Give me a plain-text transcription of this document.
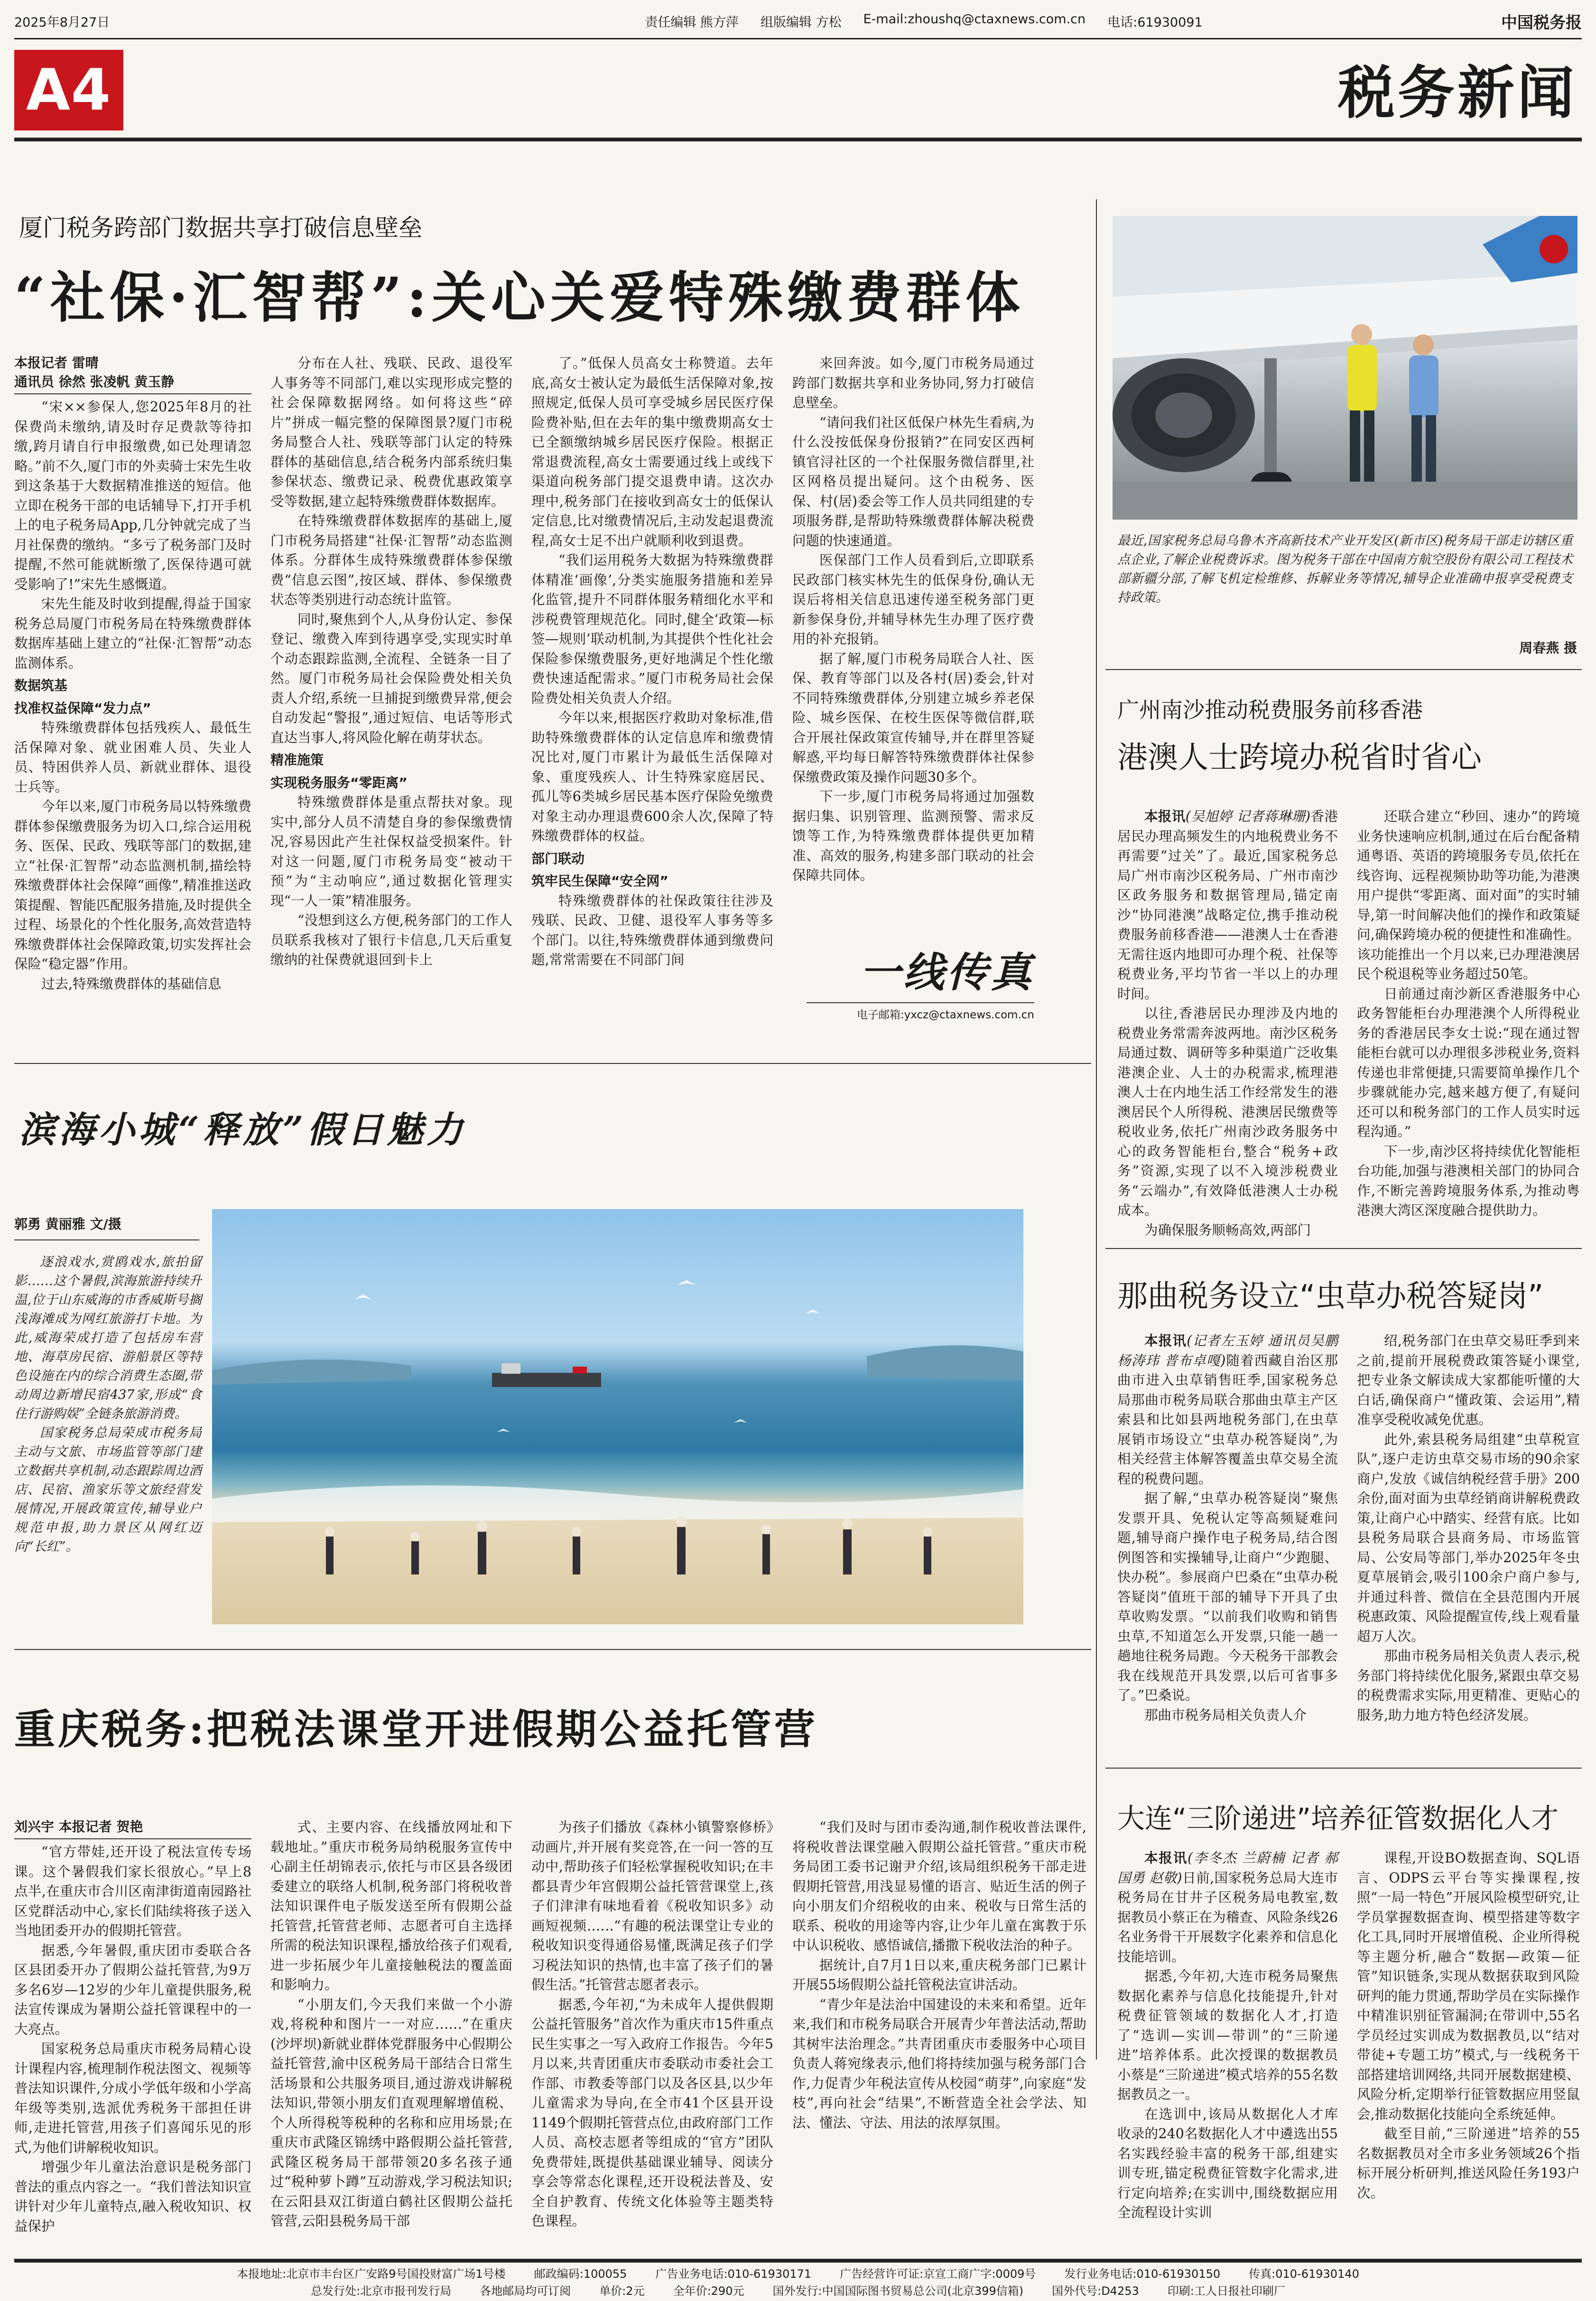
2025年8月27日	责任编辑 熊方萍 组版编辑 方松 E-mail:zhoushq@ctaxnews.com.cn 电话:61930091	中国税务报
A4	税务新闻
厦门税务跨部门数据共享打破信息壁垒
“社保·汇智帮”:关心关爱特殊缴费群体
本报记者 雷晴
通讯员 徐然 张凌帆 黄玉静

“宋××参保人,您2025年8月的社保费尚未缴纳,请及时存足费款等待扣缴,跨月请自行申报缴费,如已处理请忽略。”前不久,厦门市的外卖骑士宋先生收到这条基于大数据精准推送的短信。他立即在税务干部的电话辅导下,打开手机上的电子税务局App,几分钟就完成了当月社保费的缴纳。“多亏了税务部门及时提醒,不然可能就断缴了,医保待遇可就受影响了!”宋先生感慨道。

宋先生能及时收到提醒,得益于国家税务总局厦门市税务局在特殊缴费群体数据库基础上建立的“社保·汇智帮”动态监测体系。

数据筑基

找准权益保障“发力点”

特殊缴费群体包括残疾人、最低生活保障对象、就业困难人员、失业人员、特困供养人员、新就业群体、退役士兵等。

今年以来,厦门市税务局以特殊缴费群体参保缴费服务为切入口,综合运用税务、医保、民政、残联等部门的数据,建立“社保·汇智帮”动态监测机制,描绘特殊缴费群体社会保障“画像”,精准推送政策提醒、智能匹配服务措施,及时提供全过程、场景化的个性化服务,高效营造特殊缴费群体社会保障政策,切实发挥社会保险“稳定器”作用。

过去,特殊缴费群体的基础信息

分布在人社、残联、民政、退役军人事务等不同部门,难以实现形成完整的社会保障数据网络。如何将这些“碎片”拼成一幅完整的保障图景?厦门市税务局整合人社、残联等部门认定的特殊群体的基础信息,结合税务内部系统归集参保状态、缴费记录、税费优惠政策享受等数据,建立起特殊缴费群体数据库。

在特殊缴费群体数据库的基础上,厦门市税务局搭建“社保·汇智帮”动态监测体系。分群体生成特殊缴费群体参保缴费“信息云图”,按区域、群体、参保缴费状态等类别进行动态统计监管。

同时,聚焦到个人,从身份认定、参保登记、缴费入库到待遇享受,实现实时单个动态跟踪监测,全流程、全链条一目了然。厦门市税务局社会保险费处相关负责人介绍,系统一旦捕捉到缴费异常,便会自动发起“警报”,通过短信、电话等形式直达当事人,将风险化解在萌芽状态。

精准施策

实现税务服务“零距离”

特殊缴费群体是重点帮扶对象。现实中,部分人员不清楚自身的参保缴费情况,容易因此产生社保权益受损案件。针对这一问题,厦门市税务局变“被动干预”为“主动响应”,通过数据化管理实现“一人一策”精准服务。

“没想到这么方便,税务部门的工作人员联系我核对了银行卡信息,几天后重复缴纳的社保费就退回到卡上

了。”低保人员高女士称赞道。去年底,高女士被认定为最低生活保障对象,按照规定,低保人员可享受城乡居民医疗保险费补贴,但在去年的集中缴费期高女士已全额缴纳城乡居民医疗保险。根据正常退费流程,高女士需要通过线上或线下渠道向税务部门提交退费申请。这次办理中,税务部门在接收到高女士的低保认定信息,比对缴费情况后,主动发起退费流程,高女士足不出户就顺利收到退费。

“我们运用税务大数据为特殊缴费群体精准‘画像’,分类实施服务措施和差异化监管,提升不同群体服务精细化水平和涉税费管理规范化。同时,健全‘政策—标签—规则’联动机制,为其提供个性化社会保险参保缴费服务,更好地满足个性化缴费快速适配需求。”厦门市税务局社会保险费处相关负责人介绍。

今年以来,根据医疗救助对象标准,借助特殊缴费群体的认定信息库和缴费情况比对,厦门市累计为最低生活保障对象、重度残疾人、计生特殊家庭居民、孤儿等6类城乡居民基本医疗保险免缴费对象主动办理退费600余人次,保障了特殊缴费群体的权益。

部门联动

筑牢民生保障“安全网”

特殊缴费群体的社保政策往往涉及残联、民政、卫健、退役军人事务等多个部门。以往,特殊缴费群体通到缴费问题,常常需要在不同部门间

来回奔波。如今,厦门市税务局通过跨部门数据共享和业务协同,努力打破信息壁垒。

“请问我们社区低保户林先生看病,为什么没按低保身份报销?”在同安区西柯镇官浔社区的一个社保服务微信群里,社区网格员提出疑问。这个由税务、医保、村(居)委会等工作人员共同组建的专项服务群,是帮助特殊缴费群体解决税费问题的快速通道。

医保部门工作人员看到后,立即联系民政部门核实林先生的低保身份,确认无误后将相关信息迅速传递至税务部门更新参保身份,并辅导林先生办理了医疗费用的补充报销。

据了解,厦门市税务局联合人社、医保、教育等部门以及各村(居)委会,针对不同特殊缴费群体,分别建立城乡养老保险、城乡医保、在校生医保等微信群,联合开展社保政策宣传辅导,并在群里答疑解惑,平均每日解答特殊缴费群体社保参保缴费政策及操作问题30多个。

下一步,厦门市税务局将通过加强数据归集、识别管理、监测预警、需求反馈等工作,为特殊缴费群体提供更加精准、高效的服务,构建多部门联动的社会保障共同体。

一线传真
电子邮箱:yxcz@ctaxnews.com.cn
最近,国家税务总局乌鲁木齐高新技术产业开发区(新市区)税务局干部走访辖区重点企业,了解企业税费诉求。图为税务干部在中国南方航空股份有限公司工程技术部新疆分部,了解飞机定检维修、拆解业务等情况,辅导企业准确申报享受税费支持政策。
周春燕 摄
广州南沙推动税费服务前移香港
港澳人士跨境办税省时省心

本报讯(吴旭婷 记者蒋琳珊)香港居民办理高频发生的内地税费业务不再需要“过关”了。最近,国家税务总局广州市南沙区税务局、广州市南沙区政务服务和数据管理局,锚定南沙“协同港澳”战略定位,携手推动税费服务前移香港——港澳人士在香港无需往返内地即可办理个税、社保等税费业务,平均节省一半以上的办理时间。

以往,香港居民办理涉及内地的税费业务常需奔波两地。南沙区税务局通过数、调研等多种渠道广泛收集港澳企业、人士的办税需求,梳理港澳人士在内地生活工作经常发生的港澳居民个人所得税、港澳居民缴费等税收业务,依托广州南沙政务服务中心的政务智能柜台,整合“税务+政务”资源,实现了以不入境涉税费业务“云端办”,有效降低港澳人士办税成本。

为确保服务顺畅高效,两部门

还联合建立“秒回、速办”的跨境业务快速响应机制,通过在后台配备精通粤语、英语的跨境服务专员,依托在线咨询、远程视频协助等功能,为港澳用户提供“零距离、面对面”的实时辅导,第一时间解决他们的操作和政策疑问,确保跨境办税的便捷性和准确性。该功能推出一个月以来,已办理港澳居民个税退税等业务超过50笔。

日前通过南沙新区香港服务中心政务智能柜台办理港澳个人所得税业务的香港居民李女士说:“现在通过智能柜台就可以办理很多涉税业务,资料传递也非常便捷,只需要简单操作几个步骤就能办完,越来越方便了,有疑问还可以和税务部门的工作人员实时远程沟通。”

下一步,南沙区将持续优化智能柜台功能,加强与港澳相关部门的协同合作,不断完善跨境服务体系,为推动粤港澳大湾区深度融合提供助力。

那曲税务设立“虫草办税答疑岗”

本报讯(记者左玉婷 通讯员吴鹏 杨涛玮 普布卓嘎)随着西藏自治区那曲市进入虫草销售旺季,国家税务总局那曲市税务局联合那曲虫草主产区索县和比如县两地税务部门,在虫草展销市场设立“虫草办税答疑岗”,为相关经营主体解答覆盖虫草交易全流程的税费问题。

据了解,“虫草办税答疑岗”聚焦发票开具、免税认定等高频疑难问题,辅导商户操作电子税务局,结合图例图答和实操辅导,让商户“少跑腿、快办税”。参展商户巴桑在“虫草办税答疑岗”值班干部的辅导下开具了虫草收购发票。“以前我们收购和销售虫草,不知道怎么开发票,只能一趟一趟地往税务局跑。今天税务干部教会我在线规范开具发票,以后可省事多了。”巴桑说。

那曲市税务局相关负责人介

绍,税务部门在虫草交易旺季到来之前,提前开展税费政策答疑小课堂,把专业条文解读成大家都能听懂的大白话,确保商户“懂政策、会运用”,精准享受税收减免优惠。

此外,索县税务局组建“虫草税宣队”,逐户走访虫草交易市场的90余家商户,发放《诚信纳税经营手册》200余份,面对面为虫草经销商讲解税费政策,让商户心中踏实、经营有底。比如县税务局联合县商务局、市场监管局、公安局等部门,举办2025年冬虫夏草展销会,吸引100余户商户参与,并通过科普、微信在全县范围内开展税惠政策、风险提醒宣传,线上观看量超万人次。

那曲市税务局相关负责人表示,税务部门将持续优化服务,紧跟虫草交易的税费需求实际,用更精准、更贴心的服务,助力地方特色经济发展。

大连“三阶递进”培养征管数据化人才

本报讯(李冬杰 兰蔚楠 记者 郝国勇 赵敬)日前,国家税务总局大连市税务局在甘井子区税务局电教室,数据教员小蔡正在为稽查、风险条线26名业务骨干开展数字化素养和信息化技能培训。

据悉,今年初,大连市税务局聚焦数据化素养与信息化技能提升,针对税费征管领域的数据化人才,打造了“选训—实训—带训”的“三阶递进”培养体系。此次授课的数据教员小蔡是“三阶递进”模式培养的55名数据教员之一。

在选训中,该局从数据化人才库收录的240名数据化人才中遴选出55名实践经验丰富的税务干部,组建实训专班,锚定税费征管数字化需求,进行定向培养;在实训中,围绕数据应用全流程设计实训

课程,开设BO数据查询、SQL语言、ODPS云平台等实操课程,按照“一局一特色”开展风险模型研究,让学员掌握数据查询、模型搭建等数字化工具,同时开展增值税、企业所得税等主题分析,融合“数据—政策—征管”知识链条,实现从数据获取到风险研判的能力贯通,帮助学员在实际操作中精准识别征管漏洞;在带训中,55名学员经过实训成为数据教员,以“结对带徒+专题工坊”模式,与一线税务干部搭建培训网络,共同开展数据建模、风险分析,定期举行征管数据应用竖鼠会,推动数据化技能向全系统延伸。

截至目前,“三阶递进”培养的55名数据教员对全市多业务领域26个指标开展分析研判,推送风险任务193户次。

滨海小城“释放”假日魅力
郭勇 黄丽雅 文/摄
逐浪戏水,赏鸥戏水,旅拍留影……这个暑假,滨海旅游持续升温,位于山东威海的市香威斯号搁浅海滩成为网红旅游打卡地。为此,威海荣成打造了包括房车营地、海草房民宿、游船景区等特色设施在内的综合消费生态圈,带动周边新增民宿437家,形成“食住行游购娱”全链条旅游消费。
国家税务总局荣成市税务局主动与文旅、市场监管等部门建立数据共享机制,动态跟踪周边酒店、民宿、渔家乐等文旅经营发展情况,开展政策宣传,辅导业户规范申报,助力景区从网红迈向“长红”。
重庆税务:把税法课堂开进假期公益托管营
刘兴宇 本报记者 贺艳

“官方带娃,还开设了税法宣传专场课。这个暑假我们家长很放心。”早上8点半,在重庆市合川区南津街道南园路社区党群活动中心,家长们陆续将孩子送入当地团委开办的假期托管营。

据悉,今年暑假,重庆团市委联合各区县团委开办了假期公益托管营,为9万多名6岁—12岁的少年儿童提供服务,税法宣传课成为暑期公益托管课程中的一大亮点。

国家税务总局重庆市税务局精心设计课程内容,梳理制作税法图文、视频等普法知识课件,分成小学低年级和小学高年级等类别,选派优秀税务干部担任讲师,走进托管营,用孩子们喜闻乐见的形式,为他们讲解税收知识。

增强少年儿童法治意识是税务部门普法的重点内容之一。“我们普法知识宣讲针对少年儿童特点,融入税收知识、权益保护

式、主要内容、在线播放网址和下载地址。”重庆市税务局纳税服务宣传中心副主任胡锦表示,依托与市区县各级团委建立的联络人机制,税务部门将税收普法知识课件电子版发送至所有假期公益托管营,托管营老师、志愿者可自主选择所需的税法知识课程,播放给孩子们观看,进一步拓展少年儿童接触税法的覆盖面和影响力。

“小朋友们,今天我们来做一个小游戏,将税种和图片一一对应……”在重庆(沙坪坝)新就业群体党群服务中心假期公益托管营,渝中区税务局干部结合日常生活场景和公共服务项目,通过游戏讲解税法知识,带领小朋友们直观理解增值税、个人所得税等税种的名称和应用场景;在重庆市武隆区锦绣中路假期公益托管营,武隆区税务局干部带领20多名孩子通过“税种萝卜蹲”互动游戏,学习税法知识;在云阳县双江街道白鹤社区假期公益托管营,云阳县税务局干部

为孩子们播放《森林小镇警察修桥》动画片,并开展有奖竞答,在一问一答的互动中,帮助孩子们轻松掌握税收知识;在丰都县青少年宫假期公益托管营课堂上,孩子们津津有味地看着《税收知识多》动画短视频……“有趣的税法课堂让专业的税收知识变得通俗易懂,既满足孩子们学习税法知识的热情,也丰富了孩子们的暑假生活。”托管营志愿者表示。

据悉,今年初,“为未成年人提供假期公益托管服务”首次作为重庆市15件重点民生实事之一写入政府工作报告。今年5月以来,共青团重庆市委联动市委社会工作部、市教委等部门以及各区县,以少年儿童需求为导向,在全市41个区县开设1149个假期托管营点位,由政府部门工作人员、高校志愿者等组成的“官方”团队免费带娃,既提供基础课业辅导、阅读分享会等常态化课程,还开设税法普及、安全自护教育、传统文化体验等主题类特色课程。

“我们及时与团市委沟通,制作税收普法课件,将税收普法课堂融入假期公益托管营。”重庆市税务局团工委书记谢尹介绍,该局组织税务干部走进假期托管营,用浅显易懂的语言、贴近生活的例子向小朋友们介绍税收的由来、税收与日常生活的联系、税收的用途等内容,让少年儿童在寓教于乐中认识税收、感悟诚信,播撒下税收法治的种子。

据统计,自7月1日以来,重庆税务部门已累计开展55场假期公益托管税法宣讲活动。

“青少年是法治中国建设的未来和希望。近年来,我们和市税务局联合开展青少年普法活动,帮助其树牢法治理念。”共青团重庆市委服务中心项目负责人蒋宛缘表示,他们将持续加强与税务部门合作,力促青少年税法宣传从校园“萌芽”,向家庭“发枝”,再向社会“结果”,不断营造全社会学法、知法、懂法、守法、用法的浓厚氛围。

本报地址:北京市丰台区广安路9号国投财富广场1号楼	邮政编码:100055	广告业务电话:010-61930171	广告经营许可证:京宣工商广字:0009号	发行业务电话:010-61930150	传真:010-61930140
总发行处:北京市报刊发行局	各地邮局均可订阅	单价:2元	全年价:290元	国外发行:中国国际图书贸易总公司(北京399信箱)	国外代号:D4253	印刷:工人日报社印刷厂
